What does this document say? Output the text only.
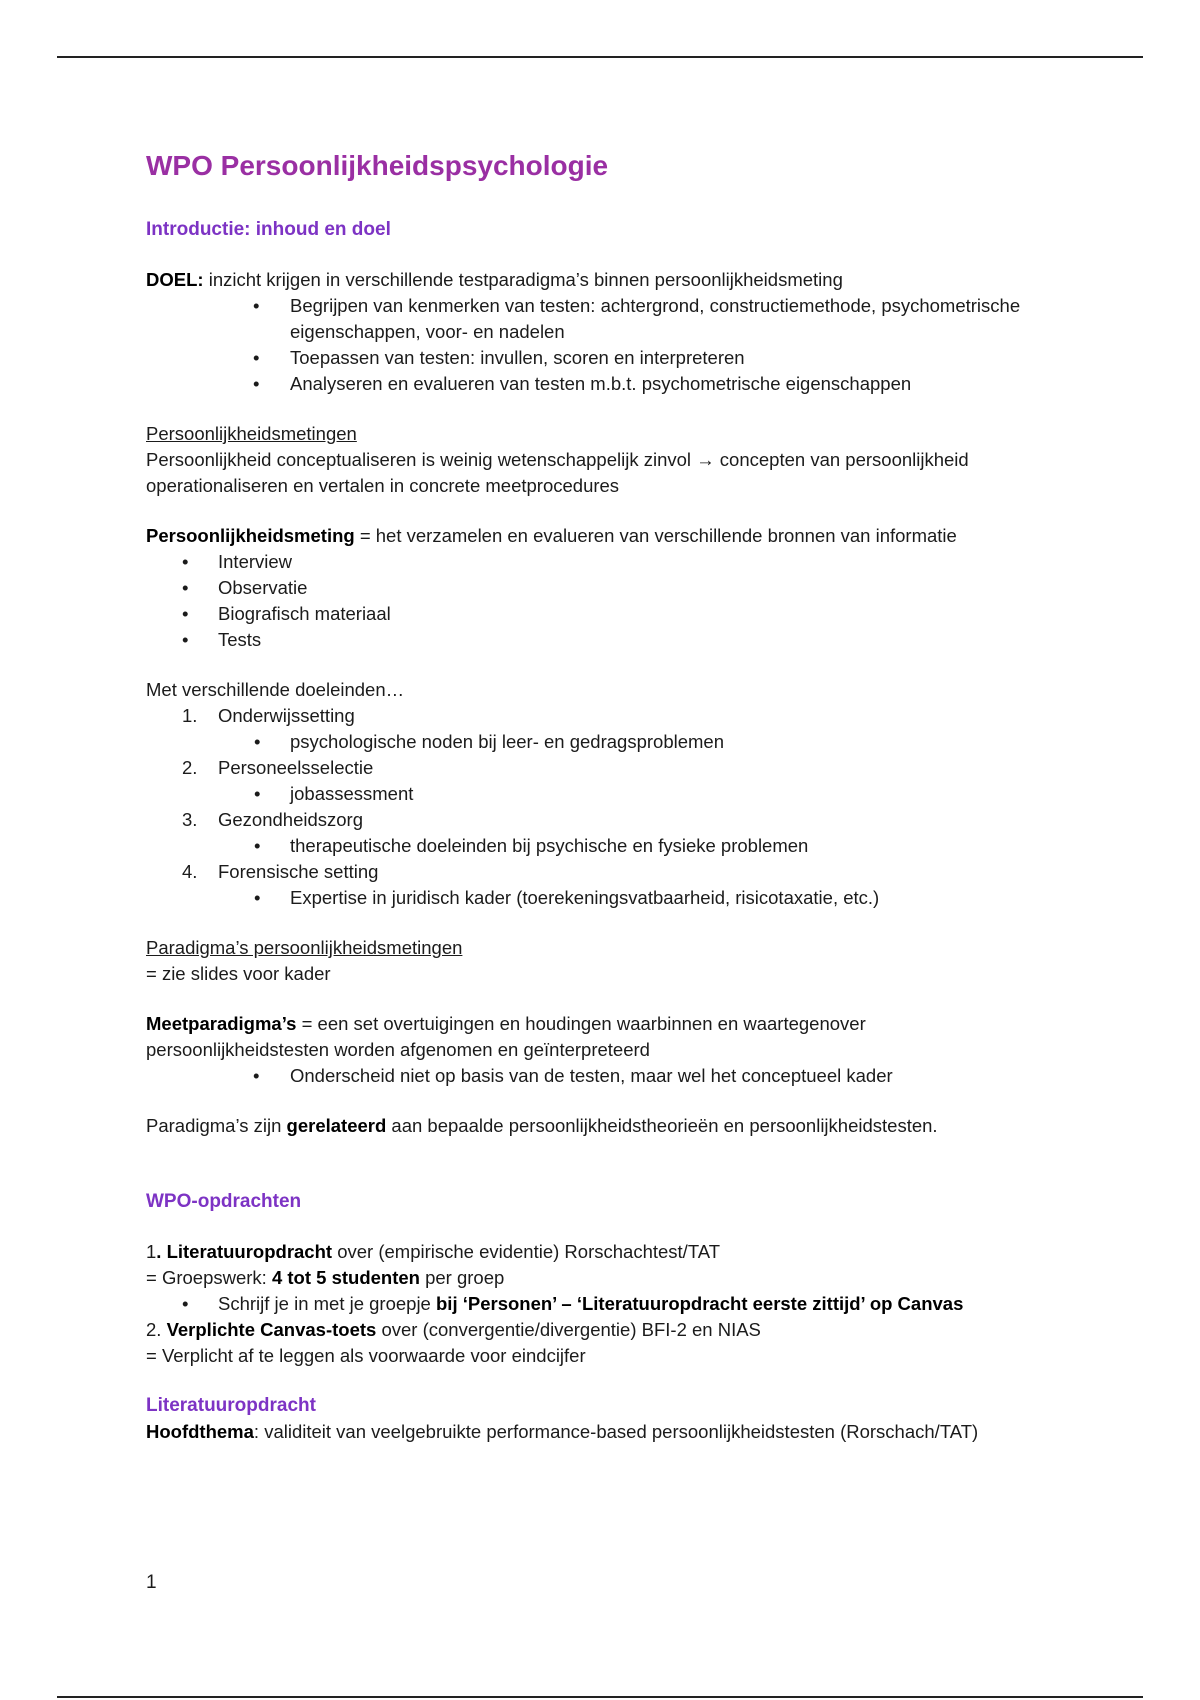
WPO Persoonlijkheidspsychologie
Introductie: inhoud en doel

DOEL: inzicht krijgen in verschillende testparadigma’s binnen persoonlijkheidsmeting

• Begrijpen van kenmerken van testen: achtergrond, constructiemethode, psychometrische eigenschappen, voor- en nadelen
• Toepassen van testen: invullen, scoren en interpreteren
• Analyseren en evalueren van testen m.b.t. psychometrische eigenschappen

Persoonlijkheidsmetingen

Persoonlijkheid conceptualiseren is weinig wetenschappelijk zinvol → concepten van persoonlijkheid operationaliseren en vertalen in concrete meetprocedures

Persoonlijkheidsmeting = het verzamelen en evalueren van verschillende bronnen van informatie

• Interview
• Observatie
• Biografisch materiaal
• Tests

Met verschillende doeleinden…

1. Onderwijssetting
• psychologische noden bij leer- en gedragsproblemen
2. Personeelsselectie
• jobassessment
3. Gezondheidszorg
• therapeutische doeleinden bij psychische en fysieke problemen
4. Forensische setting
• Expertise in juridisch kader (toerekeningsvatbaarheid, risicotaxatie, etc.)

Paradigma’s persoonlijkheidsmetingen

= zie slides voor kader

Meetparadigma’s = een set overtuigingen en houdingen waarbinnen en waartegenover persoonlijkheidstesten worden afgenomen en geïnterpreteerd

• Onderscheid niet op basis van de testen, maar wel het conceptueel kader

Paradigma’s zijn gerelateerd aan bepaalde persoonlijkheidstheorieën en persoonlijkheidstesten.

WPO-opdrachten

1. Literatuuropdracht over (empirische evidentie) Rorschachtest/TAT

= Groepswerk: 4 tot 5 studenten per groep

• Schrijf je in met je groepje bij ‘Personen’ – ‘Literatuuropdracht eerste zittijd’ op Canvas

2. Verplichte Canvas-toets over (convergentie/divergentie) BFI-2 en NIAS

= Verplicht af te leggen als voorwaarde voor eindcijfer

Literatuuropdracht

Hoofdthema: validiteit van veelgebruikte performance-based persoonlijkheidstesten (Rorschach/TAT)

1
